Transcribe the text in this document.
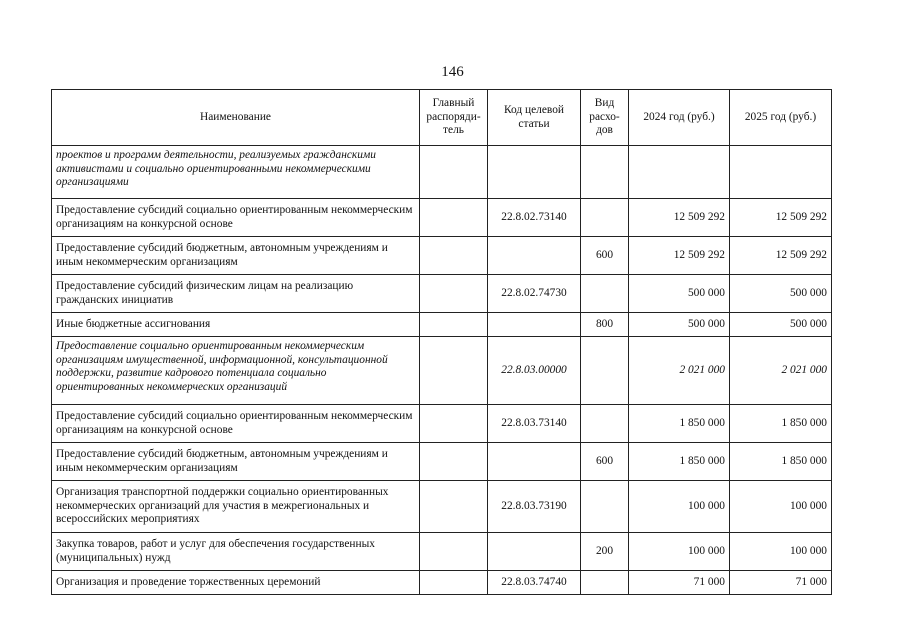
146
Наименование	Главный распоряди-тель	Код целевой статьи	Вид расхо-дов	2024 год (руб.)	2025 год (руб.)
проектов и программ деятельности, реализуемых гражданскими активистами и социально ориентированными некоммерческими организациями					
Предоставление субсидий социально ориентированным некоммерческим организациям на конкурсной основе		22.8.02.73140		12 509 292	12 509 292
Предоставление субсидий бюджетным, автономным учреждениям и иным некоммерческим организациям			600	12 509 292	12 509 292
Предоставление субсидий физическим лицам на реализацию гражданских инициатив		22.8.02.74730		500 000	500 000
Иные бюджетные ассигнования			800	500 000	500 000
Предоставление социально ориентированным некоммерческим организациям имущественной, информационной, консультационной поддержки, развитие кадрового потенциала социально ориентированных некоммерческих организаций		22.8.03.00000		2 021 000	2 021 000
Предоставление субсидий социально ориентированным некоммерческим организациям на конкурсной основе		22.8.03.73140		1 850 000	1 850 000
Предоставление субсидий бюджетным, автономным учреждениям и иным некоммерческим организациям			600	1 850 000	1 850 000
Организация транспортной поддержки социально ориентированных некоммерческих организаций для участия в межрегиональных и всероссийских мероприятиях		22.8.03.73190		100 000	100 000
Закупка товаров, работ и услуг для обеспечения государственных (муниципальных) нужд			200	100 000	100 000
Организация и проведение торжественных церемоний		22.8.03.74740		71 000	71 000
